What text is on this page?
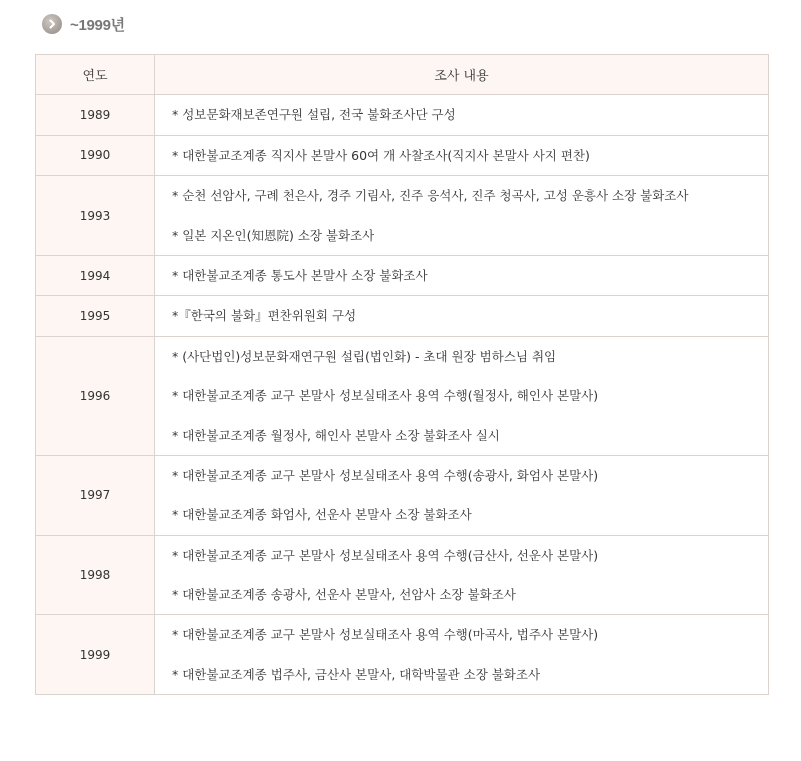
~1999년
연도	조사 내용
1989	* 성보문화재보존연구원 설립, 전국 불화조사단 구성

1990	* 대한불교조계종 직지사 본말사 60여 개 사찰조사(직지사 본말사 사지 편찬)

1993	* 순천 선암사, 구례 천은사, 경주 기림사, 진주 응석사, 진주 청곡사, 고성 운흥사 소장 불화조사
* 일본 지온인(知恩院) 소장 불화조사

1994	* 대한불교조계종 통도사 본말사 소장 불화조사

1995	*『한국의 불화』편찬위원회 구성

1996	* (사단법인)성보문화재연구원 설립(법인화) - 초대 원장 범하스님 취임
* 대한불교조계종 교구 본말사 성보실태조사 용역 수행(월정사, 해인사 본말사)
* 대한불교조계종 월정사, 해인사 본말사 소장 불화조사 실시

1997	* 대한불교조계종 교구 본말사 성보실태조사 용역 수행(송광사, 화엄사 본말사)
* 대한불교조계종 화엄사, 선운사 본말사 소장 불화조사

1998	* 대한불교조계종 교구 본말사 성보실태조사 용역 수행(금산사, 선운사 본말사)
* 대한불교조계종 송광사, 선운사 본말사, 선암사 소장 불화조사

1999	* 대한불교조계종 교구 본말사 성보실태조사 용역 수행(마곡사, 법주사 본말사)
* 대한불교조계종 법주사, 금산사 본말사, 대학박물관 소장 불화조사
